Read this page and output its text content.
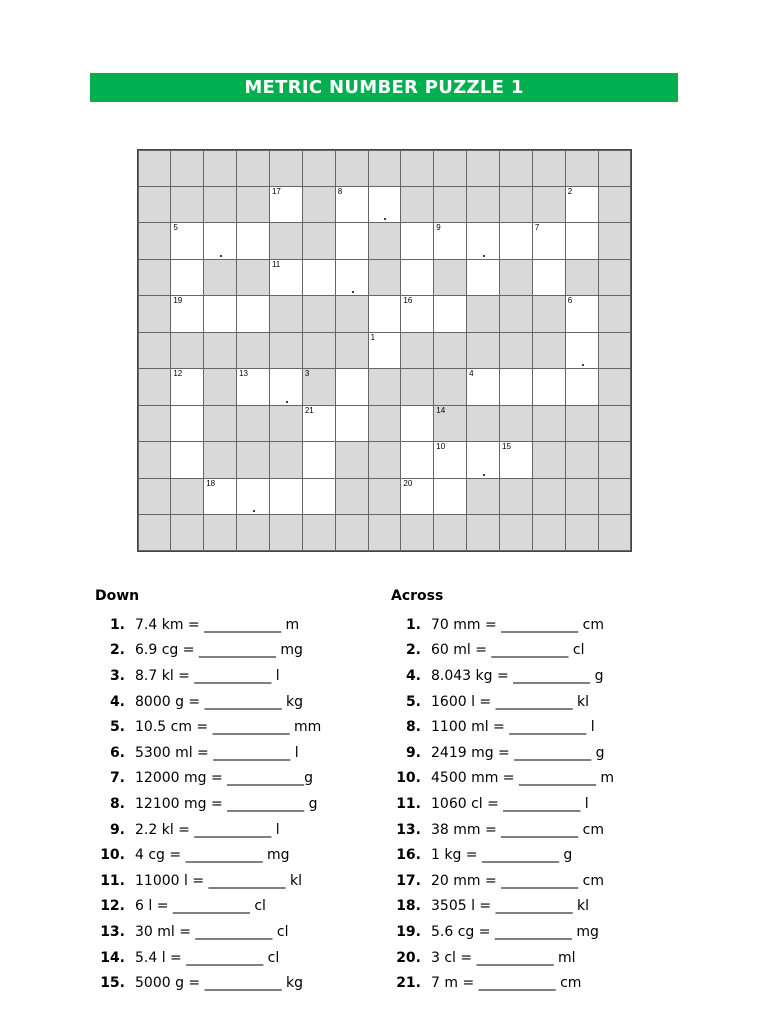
METRIC NUMBER PUZZLE 1
17	8	2
5	9	7
11
19	16	6
1
12	13	3	4
21	14
10	15
18	20
Down
1. 7.4 km = ___________ m
2. 6.9 cg = ___________ mg
3. 8.7 kl = ___________ l
4. 8000 g = ___________ kg
5. 10.5 cm = ___________ mm
6. 5300 ml = ___________ l
7. 12000 mg = ___________g
8. 12100 mg = ___________ g
9. 2.2 kl = ___________ l
10. 4 cg = ___________ mg
11. 11000 l = ___________ kl
12. 6 l = ___________ cl
13. 30 ml = ___________ cl
14. 5.4 l = ___________ cl
15. 5000 g = ___________ kg
Across
1. 70 mm = ___________ cm
2. 60 ml = ___________ cl
4. 8.043 kg = ___________ g
5. 1600 l = ___________ kl
8. 1100 ml = ___________ l
9. 2419 mg = ___________ g
10. 4500 mm = ___________ m
11. 1060 cl = ___________ l
13. 38 mm = ___________ cm
16. 1 kg = ___________ g
17. 20 mm = ___________ cm
18. 3505 l = ___________ kl
19. 5.6 cg = ___________ mg
20. 3 cl = ___________ ml
21. 7 m = ___________ cm
